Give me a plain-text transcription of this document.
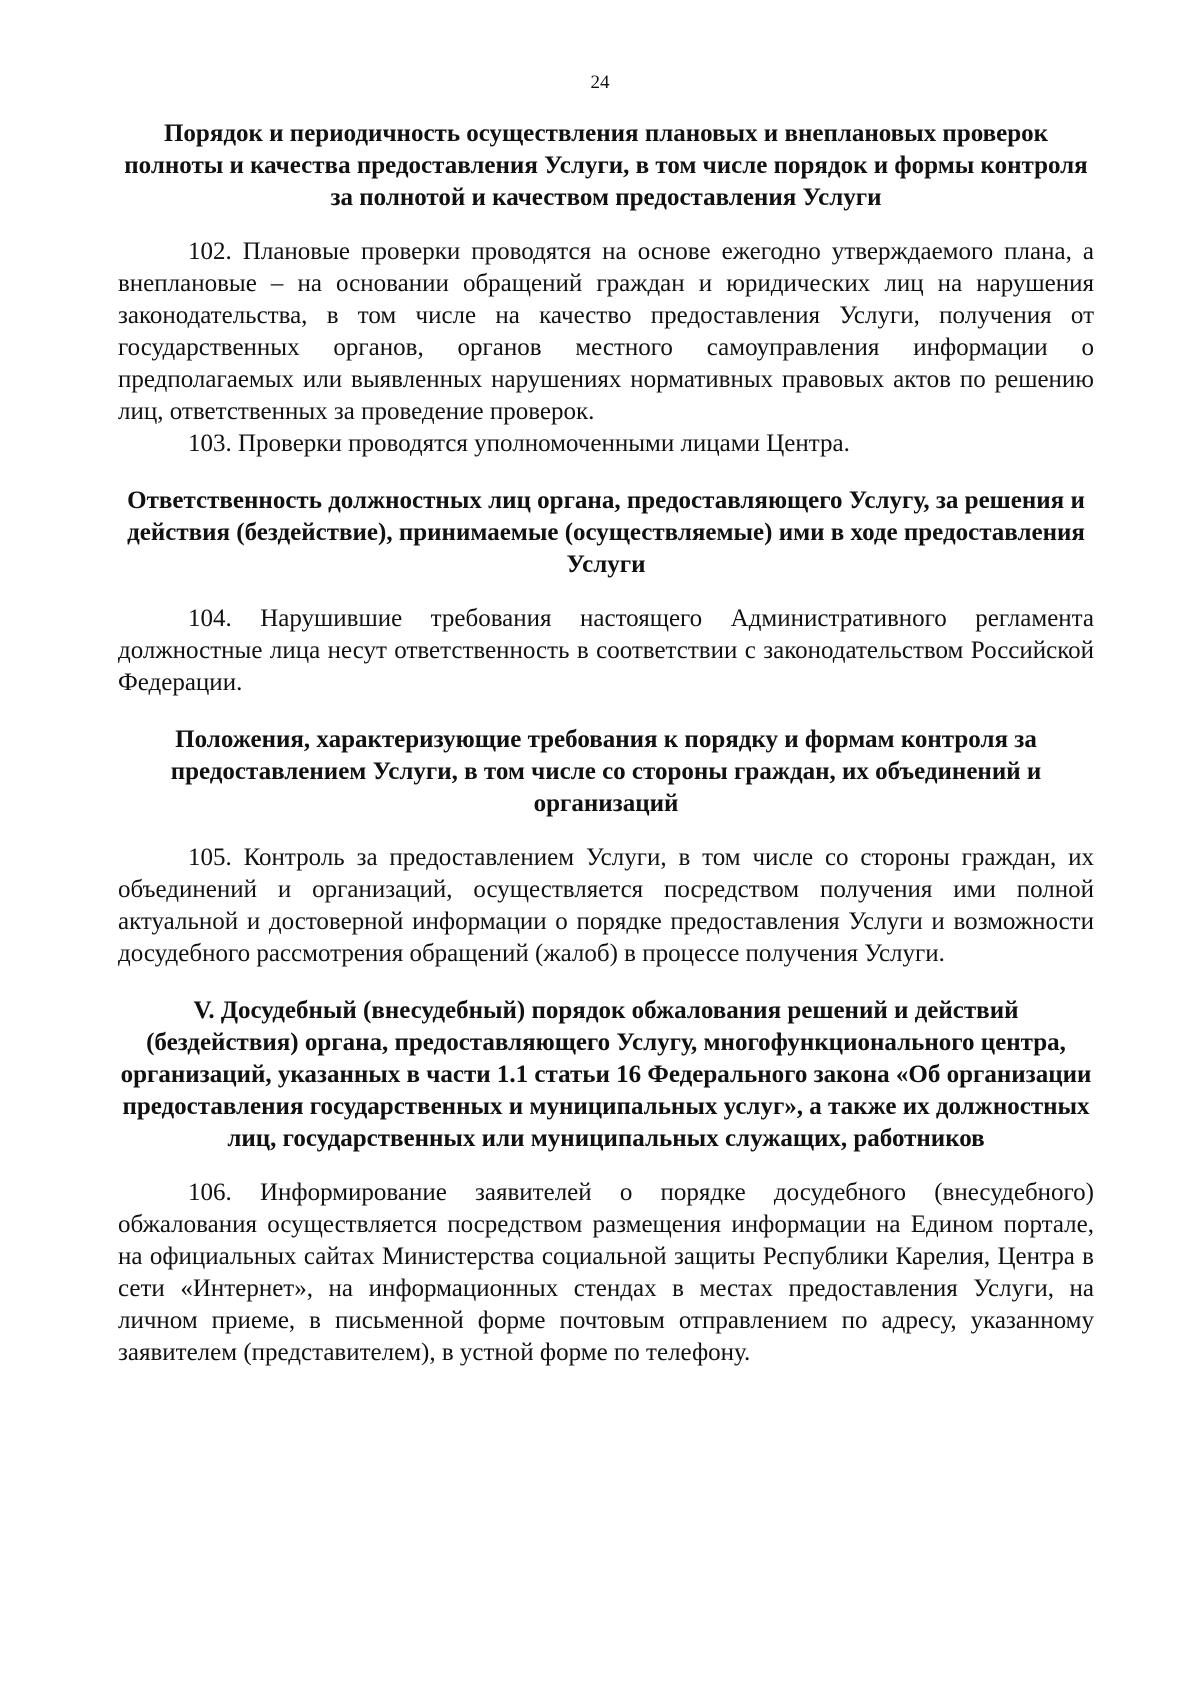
24
Порядок и периодичность осуществления плановых и внеплановых проверок полноты и качества предоставления Услуги, в том числе порядок и формы контроля за полнотой и качеством предоставления Услуги

102. Плановые проверки проводятся на основе ежегодно утверждаемого плана, а внеплановые – на основании обращений граждан и юридических лиц на нарушения законодательства, в том числе на качество предоставления Услуги, получения от государственных органов, органов местного самоуправления информации о предполагаемых или выявленных нарушениях нормативных правовых актов по решению лиц, ответственных за проведение проверок.

103. Проверки проводятся уполномоченными лицами Центра.

Ответственность должностных лиц органа, предоставляющего Услугу, за решения и действия (бездействие), принимаемые (осуществляемые) ими в ходе предоставления Услуги

104. Нарушившие требования настоящего Административного регламента должностные лица несут ответственность в соответствии с законодательством Российской Федерации.

Положения, характеризующие требования к порядку и формам контроля за предоставлением Услуги, в том числе со стороны граждан, их объединений и организаций

105. Контроль за предоставлением Услуги, в том числе со стороны граждан, их объединений и организаций, осуществляется посредством получения ими полной актуальной и достоверной информации о порядке предоставления Услуги и возможности досудебного рассмотрения обращений (жалоб) в процессе получения Услуги.

V. Досудебный (внесудебный) порядок обжалования решений и действий (бездействия) органа, предоставляющего Услугу, многофункционального центра, организаций, указанных в части 1.1 статьи 16 Федерального закона «Об организации предоставления государственных и муниципальных услуг», а также их должностных лиц, государственных или муниципальных служащих, работников

106. Информирование заявителей о порядке досудебного (внесудебного) обжалования осуществляется посредством размещения информации на Едином портале, на официальных сайтах Министерства социальной защиты Республики Карелия, Центра в сети «Интернет», на информационных стендах в местах предоставления Услуги, на личном приеме, в письменной форме почтовым отправлением по адресу, указанному заявителем (представителем), в устной форме по телефону.
